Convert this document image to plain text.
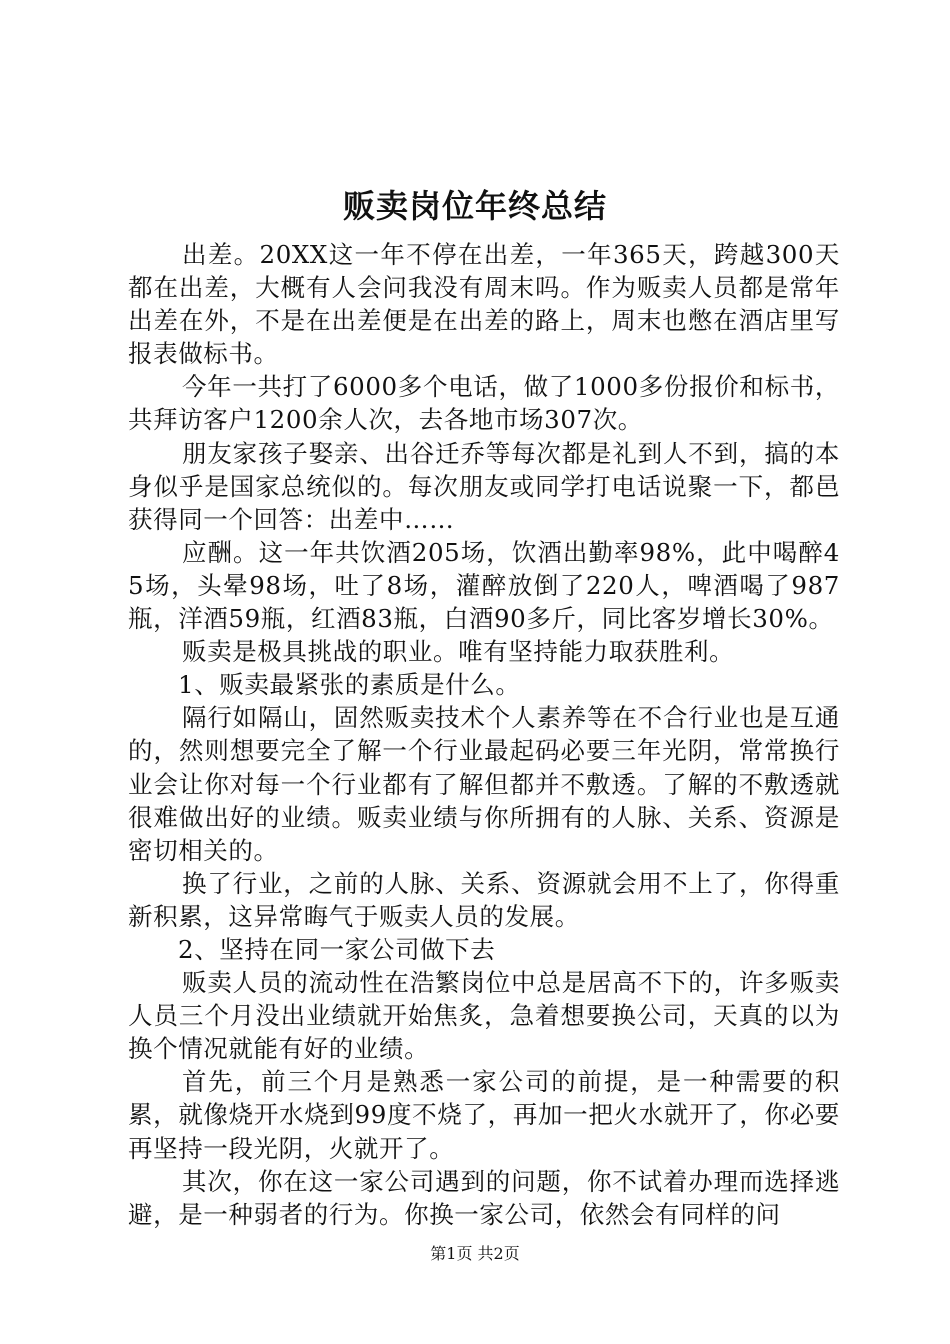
贩卖岗位年终总结

出差。20XX这一年不停在出差，一年365天，跨越300天都在出差，大概有人会问我没有周末吗。作为贩卖人员都是常年出差在外，不是在出差便是在出差的路上，周末也憋在酒店里写报表做标书。

今年一共打了6000多个电话，做了1000多份报价和标书，共拜访客户1200余人次，去各地市场307次。

朋友家孩子娶亲、出谷迁乔等每次都是礼到人不到，搞的本身似乎是国家总统似的。每次朋友或同学打电话说聚一下，都邑获得同一个回答：出差中……

应酬。这一年共饮酒205场，饮酒出勤率98%，此中喝醉45场，头晕98场，吐了8场，灌醉放倒了220人，啤酒喝了987瓶，洋酒59瓶，红酒83瓶，白酒90多斤，同比客岁增长30%。

贩卖是极具挑战的职业。唯有坚持能力取获胜利。

1、贩卖最紧张的素质是什么。

隔行如隔山，固然贩卖技术个人素养等在不合行业也是互通的，然则想要完全了解一个行业最起码必要三年光阴，常常换行业会让你对每一个行业都有了解但都并不敷透。了解的不敷透就很难做出好的业绩。贩卖业绩与你所拥有的人脉、关系、资源是密切相关的。

换了行业，之前的人脉、关系、资源就会用不上了，你得重新积累，这异常晦气于贩卖人员的发展。

2、坚持在同一家公司做下去

贩卖人员的流动性在浩繁岗位中总是居高不下的，许多贩卖人员三个月没出业绩就开始焦炙，急着想要换公司，天真的以为换个情况就能有好的业绩。

首先，前三个月是熟悉一家公司的前提，是一种需要的积累，就像烧开水烧到99度不烧了，再加一把火水就开了，你必要再坚持一段光阴，火就开了。

其次，你在这一家公司遇到的问题，你不试着办理而选择逃避，是一种弱者的行为。你换一家公司，依然会有同样的问

第1页 共2页
